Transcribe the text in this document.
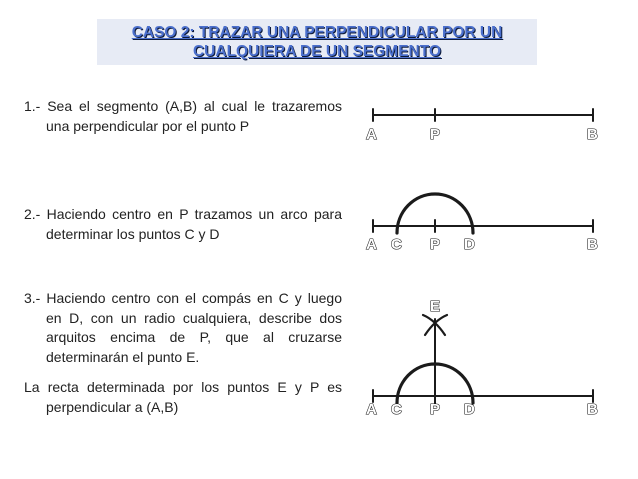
CASO 2: TRAZAR UNA PERPENDICULAR POR UN
CUALQUIERA DE UN SEGMENTO
1.- Sea el segmento (A,B) al cual le trazaremos una perpendicular por el punto P
2.- Haciendo centro en P trazamos un arco para determinar los puntos C y D
3.- Haciendo centro con el compás en C y luego en D, con un radio cualquiera, describe dos arquitos encima de P, que al cruzarse determinarán el punto E.
La recta determinada por los puntos E y P es perpendicular a (A,B)
A	P	B
A C P D	B
E
A C P D	B
